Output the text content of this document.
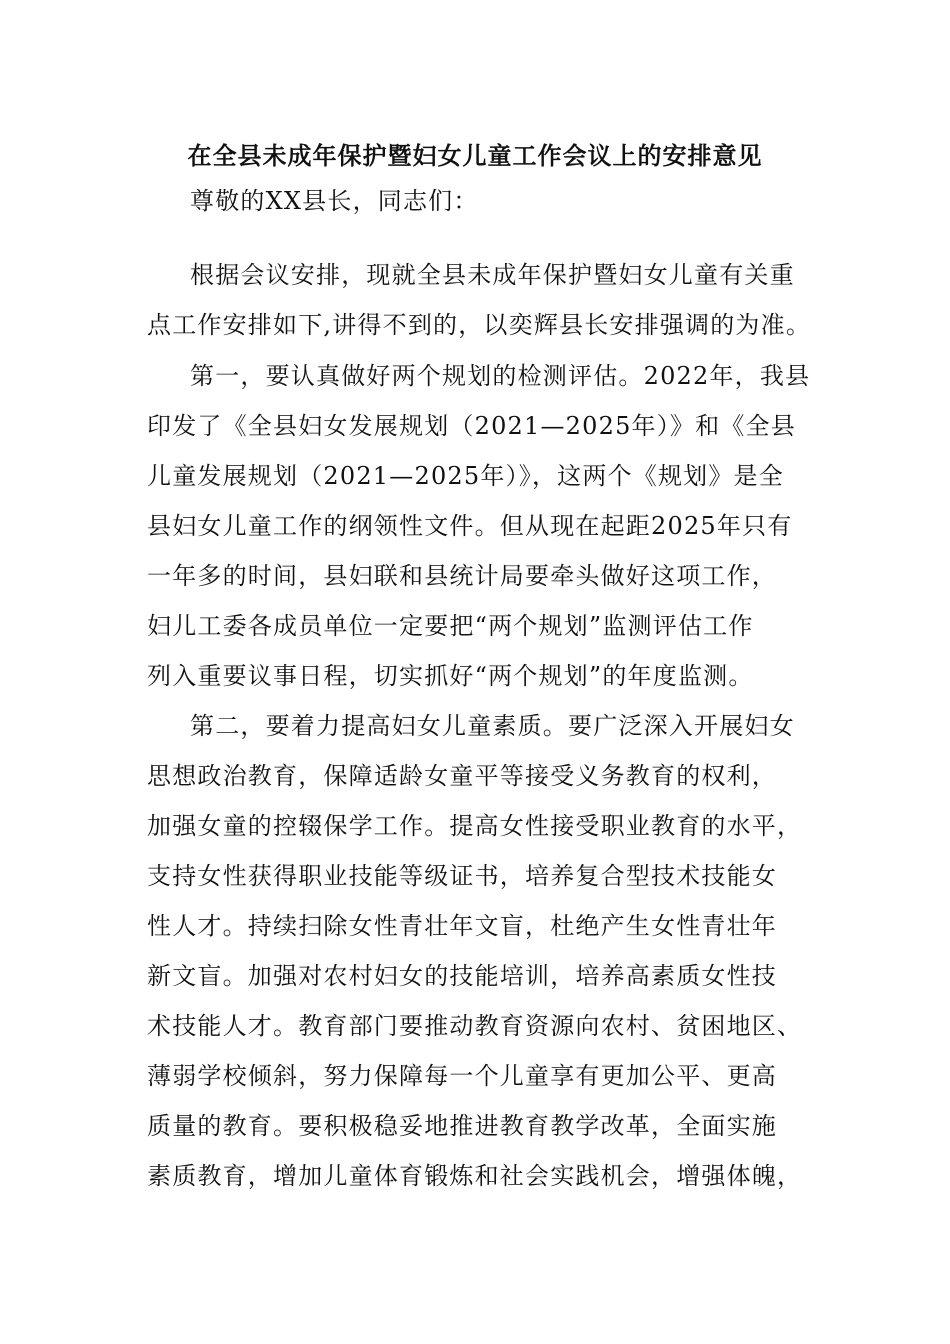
在全县未成年保护暨妇女儿童工作会议上的安排意见
尊敬的XX县长，同志们：
根据会议安排，现就全县未成年保护暨妇女儿童有关重
点工作安排如下,讲得不到的，以奕辉县长安排强调的为准。
第一，要认真做好两个规划的检测评估。2022年，我县
印发了《全县妇女发展规划（2021—2025年）》和《全县
儿童发展规划（2021—2025年）》，这两个《规划》是全
县妇女儿童工作的纲领性文件。但从现在起距2025年只有
一年多的时间，县妇联和县统计局要牵头做好这项工作，
妇儿工委各成员单位一定要把“两个规划”监测评估工作
列入重要议事日程，切实抓好“两个规划”的年度监测。
第二，要着力提高妇女儿童素质。要广泛深入开展妇女
思想政治教育，保障适龄女童平等接受义务教育的权利，
加强女童的控辍保学工作。提高女性接受职业教育的水平，
支持女性获得职业技能等级证书，培养复合型技术技能女
性人才。持续扫除女性青壮年文盲，杜绝产生女性青壮年
新文盲。加强对农村妇女的技能培训，培养高素质女性技
术技能人才。教育部门要推动教育资源向农村、贫困地区、
薄弱学校倾斜，努力保障每一个儿童享有更加公平、更高
质量的教育。要积极稳妥地推进教育教学改革，全面实施
素质教育，增加儿童体育锻炼和社会实践机会，增强体魄，
